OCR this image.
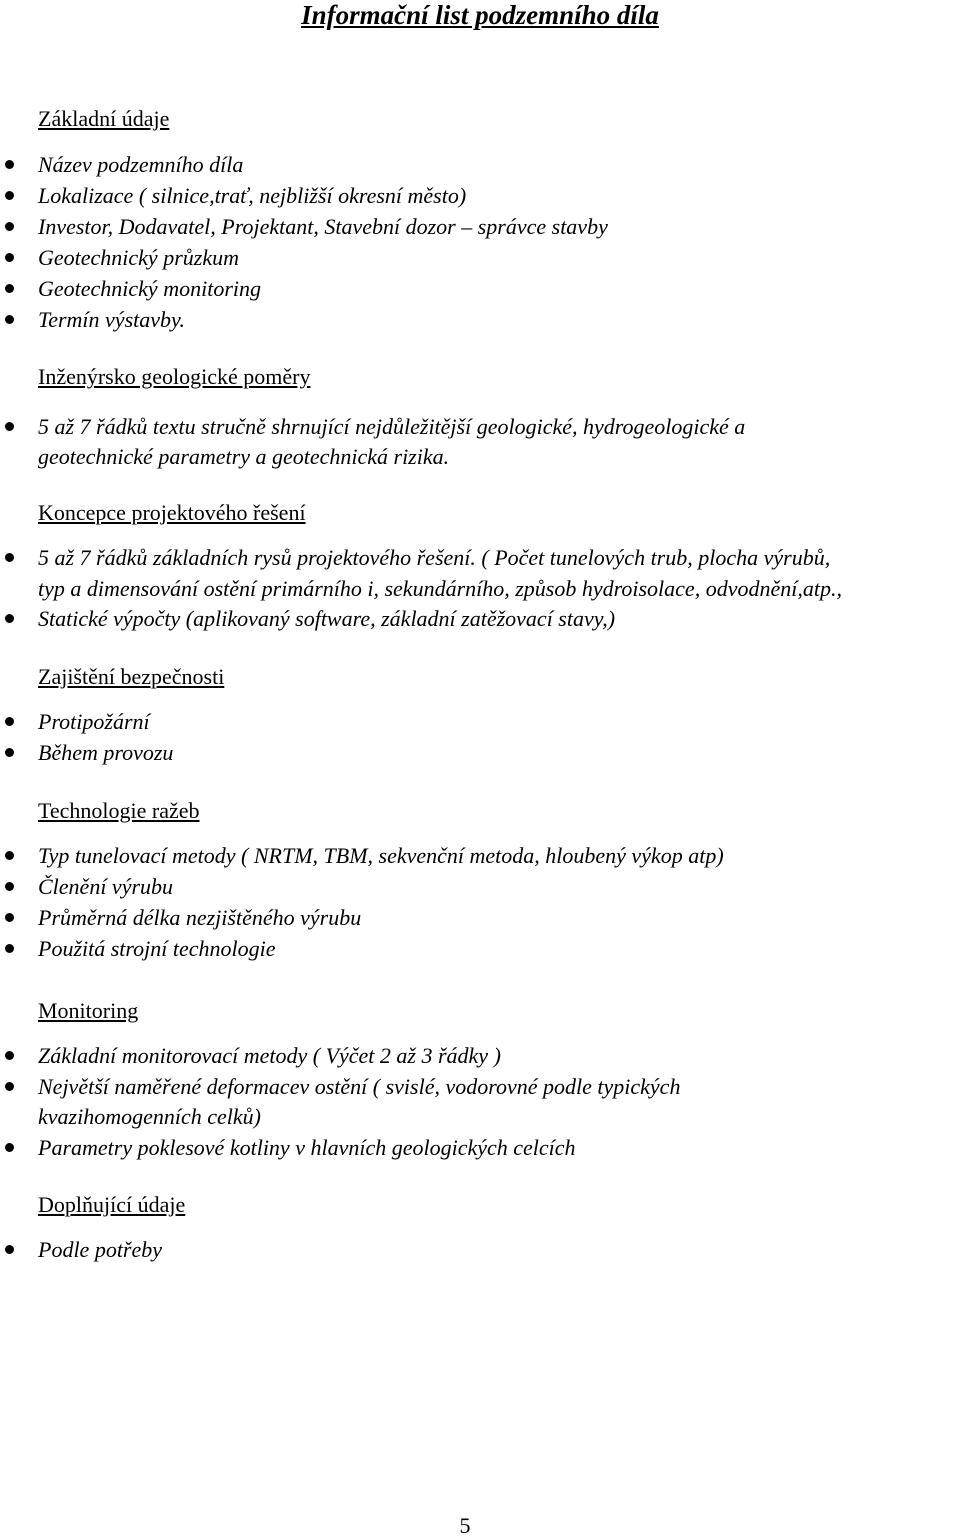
Informační list podzemního díla
Základní údaje
Název podzemního díla
Lokalizace ( silnice,trať, nejbližší okresní město)
Investor, Dodavatel, Projektant, Stavební dozor – správce stavby
Geotechnický průzkum
Geotechnický monitoring
Termín výstavby.
Inženýrsko geologické poměry
5 až 7 řádků textu stručně shrnující nejdůležitější geologické, hydrogeologické a
geotechnické parametry a geotechnická rizika.
Koncepce projektového řešení
5 až 7 řádků základních rysů projektového řešení. ( Počet tunelových trub, plocha výrubů,
typ a dimensování ostění primárního i, sekundárního, způsob hydroisolace, odvodnění,atp.,
Statické výpočty (aplikovaný software, základní zatěžovací stavy,)
Zajištění bezpečnosti
Protipožární
Během provozu
Technologie ražeb
Typ tunelovací metody ( NRTM, TBM, sekvenční metoda, hloubený výkop atp)
Členění výrubu
Průměrná délka nezjištěného výrubu
Použitá strojní technologie
Monitoring
Základní monitorovací metody ( Výčet 2 až 3 řádky )
Největší naměřené deformacev ostění ( svislé, vodorovné podle typických
kvazihomogenních celků)
Parametry poklesové kotliny v hlavních geologických celcích
Doplňující údaje
Podle potřeby
5
